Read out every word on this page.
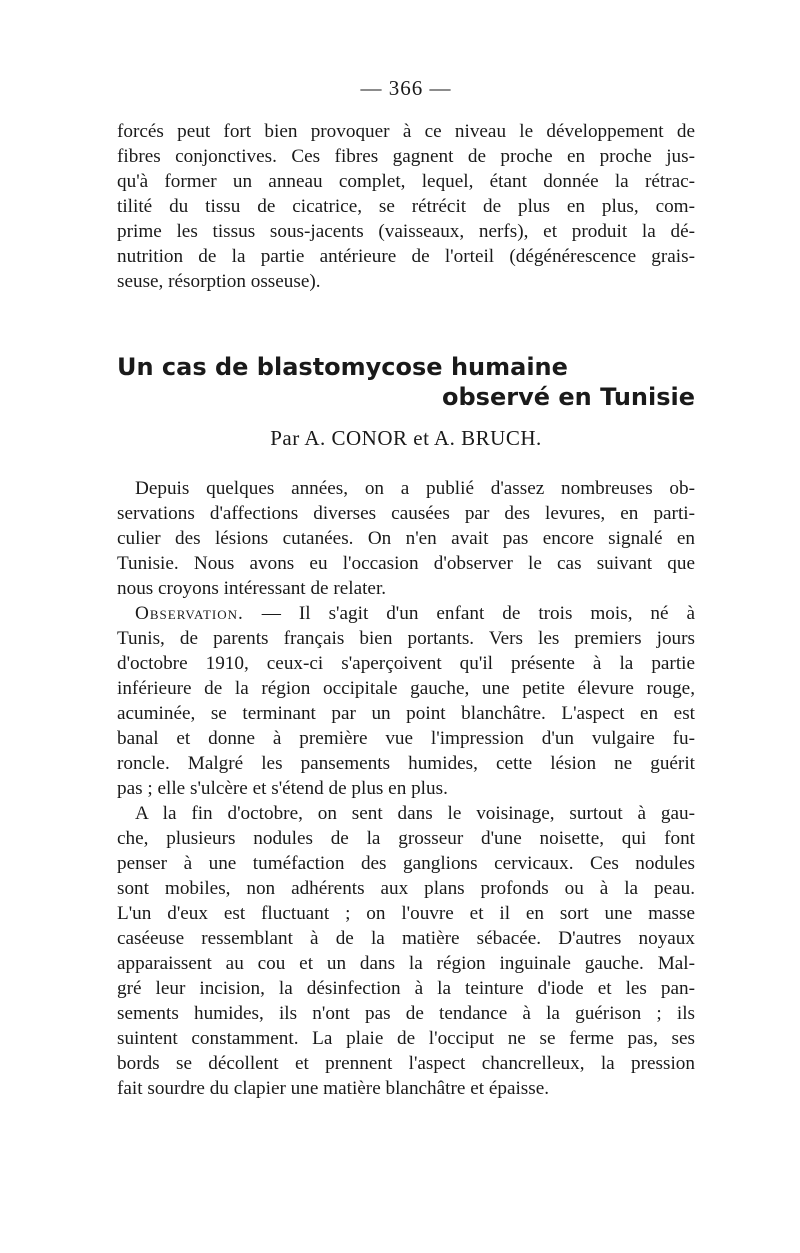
— 366 —

forcés peut fort bien provoquer à ce niveau le développement de
fibres conjonctives. Ces fibres gagnent de proche en proche jus-
qu'à former un anneau complet, lequel, étant donnée la rétrac-
tilité du tissu de cicatrice, se rétrécit de plus en plus, com-
prime les tissus sous-jacents (vaisseaux, nerfs), et produit la dé-
nutrition de la partie antérieure de l'orteil (dégénérescence grais-
seuse, résorption osseuse).

Un cas de blastomycose humaine
observé en Tunisie
Par A. CONOR et A. BRUCH.
Depuis quelques années, on a publié d'assez nombreuses ob-
servations d'affections diverses causées par des levures, en parti-
culier des lésions cutanées. On n'en avait pas encore signalé en
Tunisie. Nous avons eu l'occasion d'observer le cas suivant que
nous croyons intéressant de relater.
Observation. — Il s'agit d'un enfant de trois mois, né à
Tunis, de parents français bien portants. Vers les premiers jours
d'octobre 1910, ceux-ci s'aperçoivent qu'il présente à la partie
inférieure de la région occipitale gauche, une petite élevure rouge,
acuminée, se terminant par un point blanchâtre. L'aspect en est
banal et donne à première vue l'impression d'un vulgaire fu-
roncle. Malgré les pansements humides, cette lésion ne guérit
pas ; elle s'ulcère et s'étend de plus en plus.
A la fin d'octobre, on sent dans le voisinage, surtout à gau-
che, plusieurs nodules de la grosseur d'une noisette, qui font
penser à une tuméfaction des ganglions cervicaux. Ces nodules
sont mobiles, non adhérents aux plans profonds ou à la peau.
L'un d'eux est fluctuant ; on l'ouvre et il en sort une masse
caséeuse ressemblant à de la matière sébacée. D'autres noyaux
apparaissent au cou et un dans la région inguinale gauche. Mal-
gré leur incision, la désinfection à la teinture d'iode et les pan-
sements humides, ils n'ont pas de tendance à la guérison ; ils
suintent constamment. La plaie de l'occiput ne se ferme pas, ses
bords se décollent et prennent l'aspect chancrelleux, la pression
fait sourdre du clapier une matière blanchâtre et épaisse.
